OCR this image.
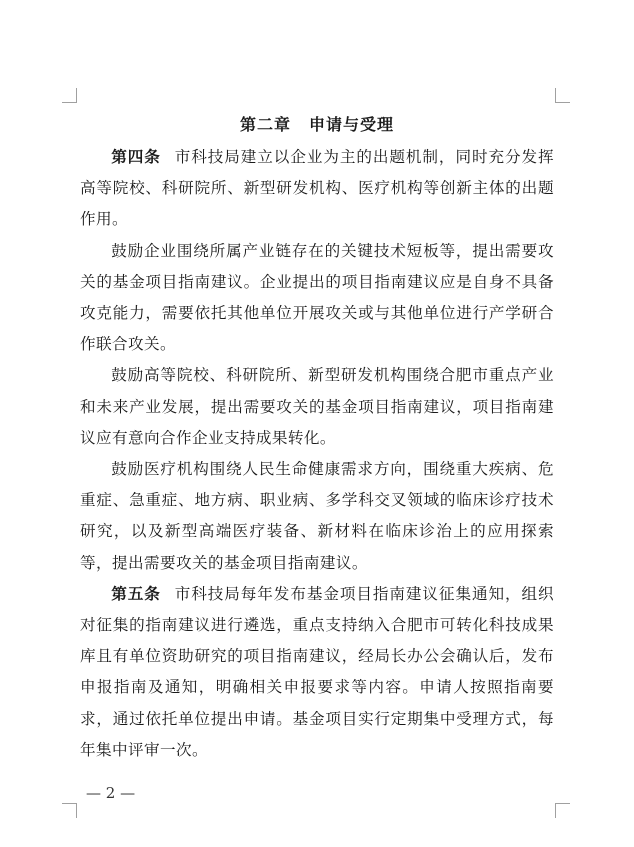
第二章 申请与受理

第四条 市科技局建立以企业为主的出题机制，同时充分发挥高等院校、科研院所、新型研发机构、医疗机构等创新主体的出题作用。

鼓励企业围绕所属产业链存在的关键技术短板等，提出需要攻关的基金项目指南建议。企业提出的项目指南建议应是自身不具备攻克能力，需要依托其他单位开展攻关或与其他单位进行产学研合作联合攻关。

鼓励高等院校、科研院所、新型研发机构围绕合肥市重点产业和未来产业发展，提出需要攻关的基金项目指南建议，项目指南建议应有意向合作企业支持成果转化。

鼓励医疗机构围绕人民生命健康需求方向，围绕重大疾病、危重症、急重症、地方病、职业病、多学科交叉领域的临床诊疗技术研究，以及新型高端医疗装备、新材料在临床诊治上的应用探索等，提出需要攻关的基金项目指南建议。

第五条 市科技局每年发布基金项目指南建议征集通知，组织对征集的指南建议进行遴选，重点支持纳入合肥市可转化科技成果库且有单位资助研究的项目指南建议，经局长办公会确认后，发布申报指南及通知，明确相关申报要求等内容。申请人按照指南要求，通过依托单位提出申请。基金项目实行定期集中受理方式，每年集中评审一次。

— 2 —
